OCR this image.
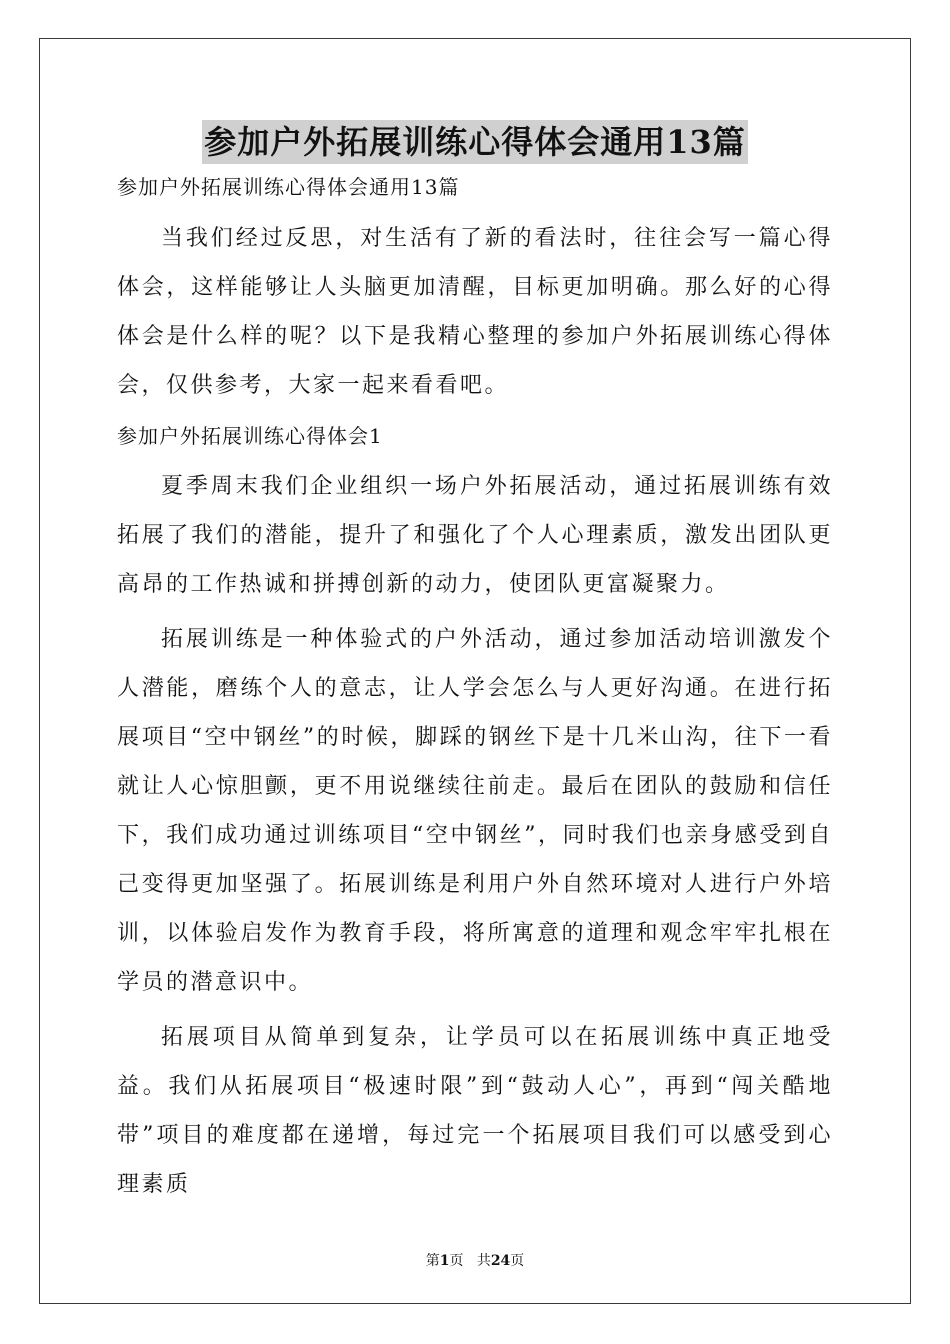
参加户外拓展训练心得体会通用13篇
参加户外拓展训练心得体会通用13篇

当我们经过反思，对生活有了新的看法时，往往会写一篇心得体会，这样能够让人头脑更加清醒，目标更加明确。那么好的心得体会是什么样的呢？以下是我精心整理的参加户外拓展训练心得体会，仅供参考，大家一起来看看吧。

参加户外拓展训练心得体会1

夏季周末我们企业组织一场户外拓展活动，通过拓展训练有效拓展了我们的潜能，提升了和强化了个人心理素质，激发出团队更高昂的工作热诚和拼搏创新的动力，使团队更富凝聚力。

拓展训练是一种体验式的户外活动，通过参加活动培训激发个人潜能，磨练个人的意志，让人学会怎么与人更好沟通。在进行拓展项目“空中钢丝”的时候，脚踩的钢丝下是十几米山沟，往下一看就让人心惊胆颤，更不用说继续往前走。最后在团队的鼓励和信任下，我们成功通过训练项目“空中钢丝”，同时我们也亲身感受到自己变得更加坚强了。拓展训练是利用户外自然环境对人进行户外培训，以体验启发作为教育手段，将所寓意的道理和观念牢牢扎根在学员的潜意识中。

拓展项目从简单到复杂，让学员可以在拓展训练中真正地受益。我们从拓展项目“极速时限”到“鼓动人心”，再到“闯关酷地带”项目的难度都在递增，每过完一个拓展项目我们可以感受到心理素质

第1页 共24页
